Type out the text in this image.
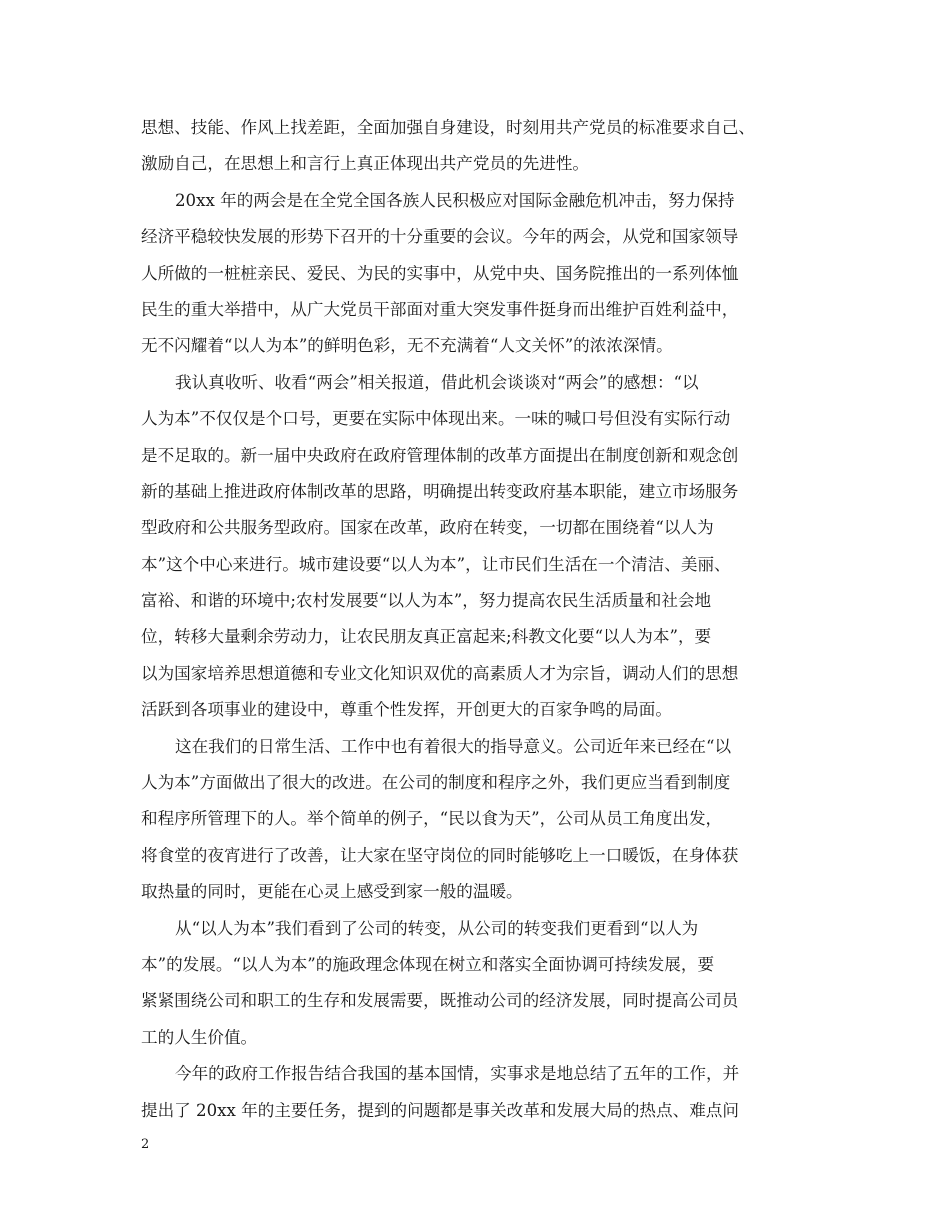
思想、技能、作风上找差距，全面加强自身建设，时刻用共产党员的标准要求自己、
激励自己，在思想上和言行上真正体现出共产党员的先进性。
20xx 年的两会是在全党全国各族人民积极应对国际金融危机冲击，努力保持
经济平稳较快发展的形势下召开的十分重要的会议。今年的两会，从党和国家领导
人所做的一桩桩亲民、爱民、为民的实事中，从党中央、国务院推出的一系列体恤
民生的重大举措中，从广大党员干部面对重大突发事件挺身而出维护百姓利益中，
无不闪耀着“以人为本”的鲜明色彩，无不充满着“人文关怀”的浓浓深情。
我认真收听、收看“两会”相关报道，借此机会谈谈对“两会”的感想：“以
人为本”不仅仅是个口号，更要在实际中体现出来。一味的喊口号但没有实际行动
是不足取的。新一届中央政府在政府管理体制的改革方面提出在制度创新和观念创
新的基础上推进政府体制改革的思路，明确提出转变政府基本职能，建立市场服务
型政府和公共服务型政府。国家在改革，政府在转变，一切都在围绕着“以人为
本”这个中心来进行。城市建设要“以人为本”，让市民们生活在一个清洁、美丽、
富裕、和谐的环境中;农村发展要“以人为本”，努力提高农民生活质量和社会地
位，转移大量剩余劳动力，让农民朋友真正富起来;科教文化要“以人为本”，要
以为国家培养思想道德和专业文化知识双优的高素质人才为宗旨，调动人们的思想
活跃到各项事业的建设中，尊重个性发挥，开创更大的百家争鸣的局面。
这在我们的日常生活、工作中也有着很大的指导意义。公司近年来已经在“以
人为本”方面做出了很大的改进。在公司的制度和程序之外，我们更应当看到制度
和程序所管理下的人。举个简单的例子，“民以食为天”，公司从员工角度出发，
将食堂的夜宵进行了改善，让大家在坚守岗位的同时能够吃上一口暖饭，在身体获
取热量的同时，更能在心灵上感受到家一般的温暖。
从“以人为本”我们看到了公司的转变，从公司的转变我们更看到“以人为
本”的发展。“以人为本”的施政理念体现在树立和落实全面协调可持续发展，要
紧紧围绕公司和职工的生存和发展需要，既推动公司的经济发展，同时提高公司员
工的人生价值。
今年的政府工作报告结合我国的基本国情，实事求是地总结了五年的工作，并
提出了 20xx 年的主要任务，提到的问题都是事关改革和发展大局的热点、难点问
2
